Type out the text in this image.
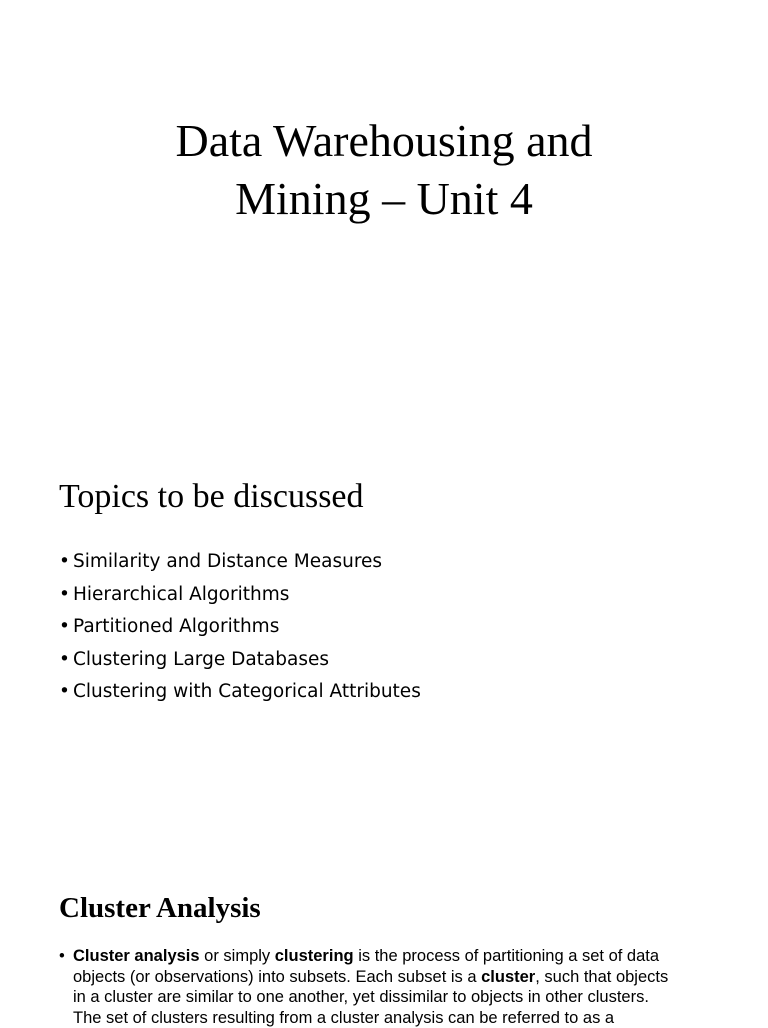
Data Warehousing and
Mining – Unit 4
Topics to be discussed
• Similarity and Distance Measures
• Hierarchical Algorithms
• Partitioned Algorithms
• Clustering Large Databases
• Clustering with Categorical Attributes
Cluster Analysis

• Cluster analysis or simply clustering is the process of partitioning a set of data
objects (or observations) into subsets. Each subset is a cluster, such that objects
in a cluster are similar to one another, yet dissimilar to objects in other clusters.
The set of clusters resulting from a cluster analysis can be referred to as a
